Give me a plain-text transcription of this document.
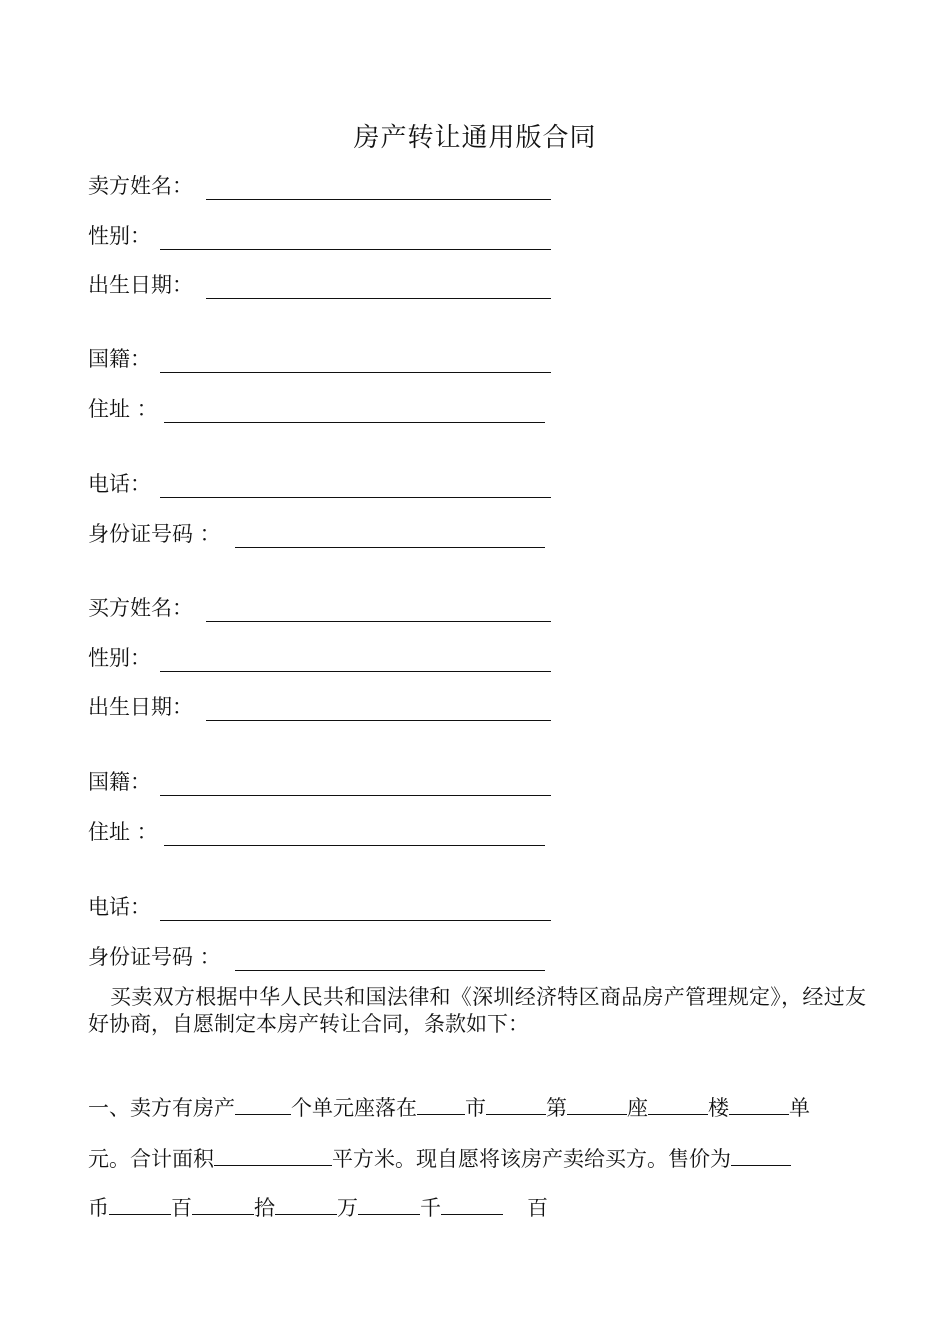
房产转让通用版合同
卖方姓名：
性别：
出生日期：
国籍：
住址 ：
电话：
身份证号码 ：
买方姓名：
性别：
出生日期：
国籍：
住址 ：
电话：
身份证号码 ：
买卖双方根据中华人民共和国法律和《深圳经济特区商品房产管理规定》，经过友好协商，自愿制定本房产转让合同，条款如下：
一、卖方有房产	个单元座落在 市	第	座	楼	单
元。合计面积	平方米。现自愿将该房产卖给买方。售价为
币	百	拾	万	千	百
